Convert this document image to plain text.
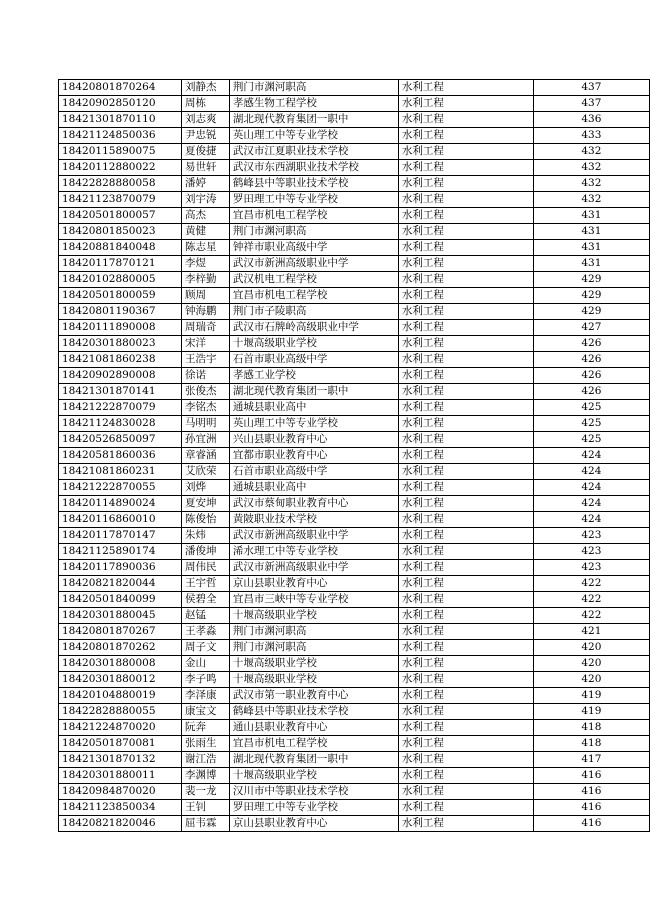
18420801870264	刘静杰	荆门市渊河职高	水利工程	437
18420902850120	周栋	孝感生物工程学校	水利工程	437
18421301870110	刘志爽	湖北现代教育集团一职中	水利工程	436
18421124850036	尹忠锐	英山理工中等专业学校	水利工程	433
18420115890075	夏俊捷	武汉市江夏职业技术学校	水利工程	432
18420112880022	易世轩	武汉市东西湖职业技术学校	水利工程	432
18422828880058	潘婷	鹤峰县中等职业技术学校	水利工程	432
18421123870079	刘宇涛	罗田理工中等专业学校	水利工程	432
18420501800057	高杰	宜昌市机电工程学校	水利工程	431
18420801850023	黄健	荆门市渊河职高	水利工程	431
18420881840048	陈志星	钟祥市职业高级中学	水利工程	431
18420117870121	李煜	武汉市新洲高级职业中学	水利工程	431
18420102880005	李梓勤	武汉机电工程学校	水利工程	429
18420501800059	顾周	宜昌市机电工程学校	水利工程	429
18420801190367	钟海鹏	荆门市子陵职高	水利工程	429
18420111890008	周瑞奇	武汉市石牌岭高级职业中学	水利工程	427
18420301880023	宋洋	十堰高级职业学校	水利工程	426
18421081860238	王浩宇	石首市职业高级中学	水利工程	426
18420902890008	徐诺	孝感工业学校	水利工程	426
18421301870141	张俊杰	湖北现代教育集团一职中	水利工程	426
18421222870079	李铭杰	通城县职业高中	水利工程	425
18421124830028	马明明	英山理工中等专业学校	水利工程	425
18420526850097	孙宜洲	兴山县职业教育中心	水利工程	425
18420581860036	章睿涵	宜都市职业教育中心	水利工程	424
18421081860231	艾欣荣	石首市职业高级中学	水利工程	424
18421222870055	刘烨	通城县职业高中	水利工程	424
18420114890024	夏安坤	武汉市蔡甸职业教育中心	水利工程	424
18420116860010	陈俊怡	黄陂职业技术学校	水利工程	424
18420117870147	朱炜	武汉市新洲高级职业中学	水利工程	423
18421125890174	潘俊坤	浠水理工中等专业学校	水利工程	423
18420117890036	周伟民	武汉市新洲高级职业中学	水利工程	423
18420821820044	王宇哲	京山县职业教育中心	水利工程	422
18420501840099	侯碧全	宜昌市三峡中等专业学校	水利工程	422
18420301880045	赵锰	十堰高级职业学校	水利工程	422
18420801870267	王孝淼	荆门市渊河职高	水利工程	421
18420801870262	周子文	荆门市渊河职高	水利工程	420
18420301880008	金山	十堰高级职业学校	水利工程	420
18420301880012	李子鸣	十堰高级职业学校	水利工程	420
18420104880019	李泽康	武汉市第一职业教育中心	水利工程	419
18422828880055	康宝文	鹤峰县中等职业技术学校	水利工程	419
18421224870020	阮奔	通山县职业教育中心	水利工程	418
18420501870081	张雨生	宜昌市机电工程学校	水利工程	418
18421301870132	谢江浩	湖北现代教育集团一职中	水利工程	417
18420301880011	李渊博	十堰高级职业学校	水利工程	416
18420984870020	裴一龙	汉川市中等职业技术学校	水利工程	416
18421123850034	王钊	罗田理工中等专业学校	水利工程	416
18420821820046	屈韦霖	京山县职业教育中心	水利工程	416
